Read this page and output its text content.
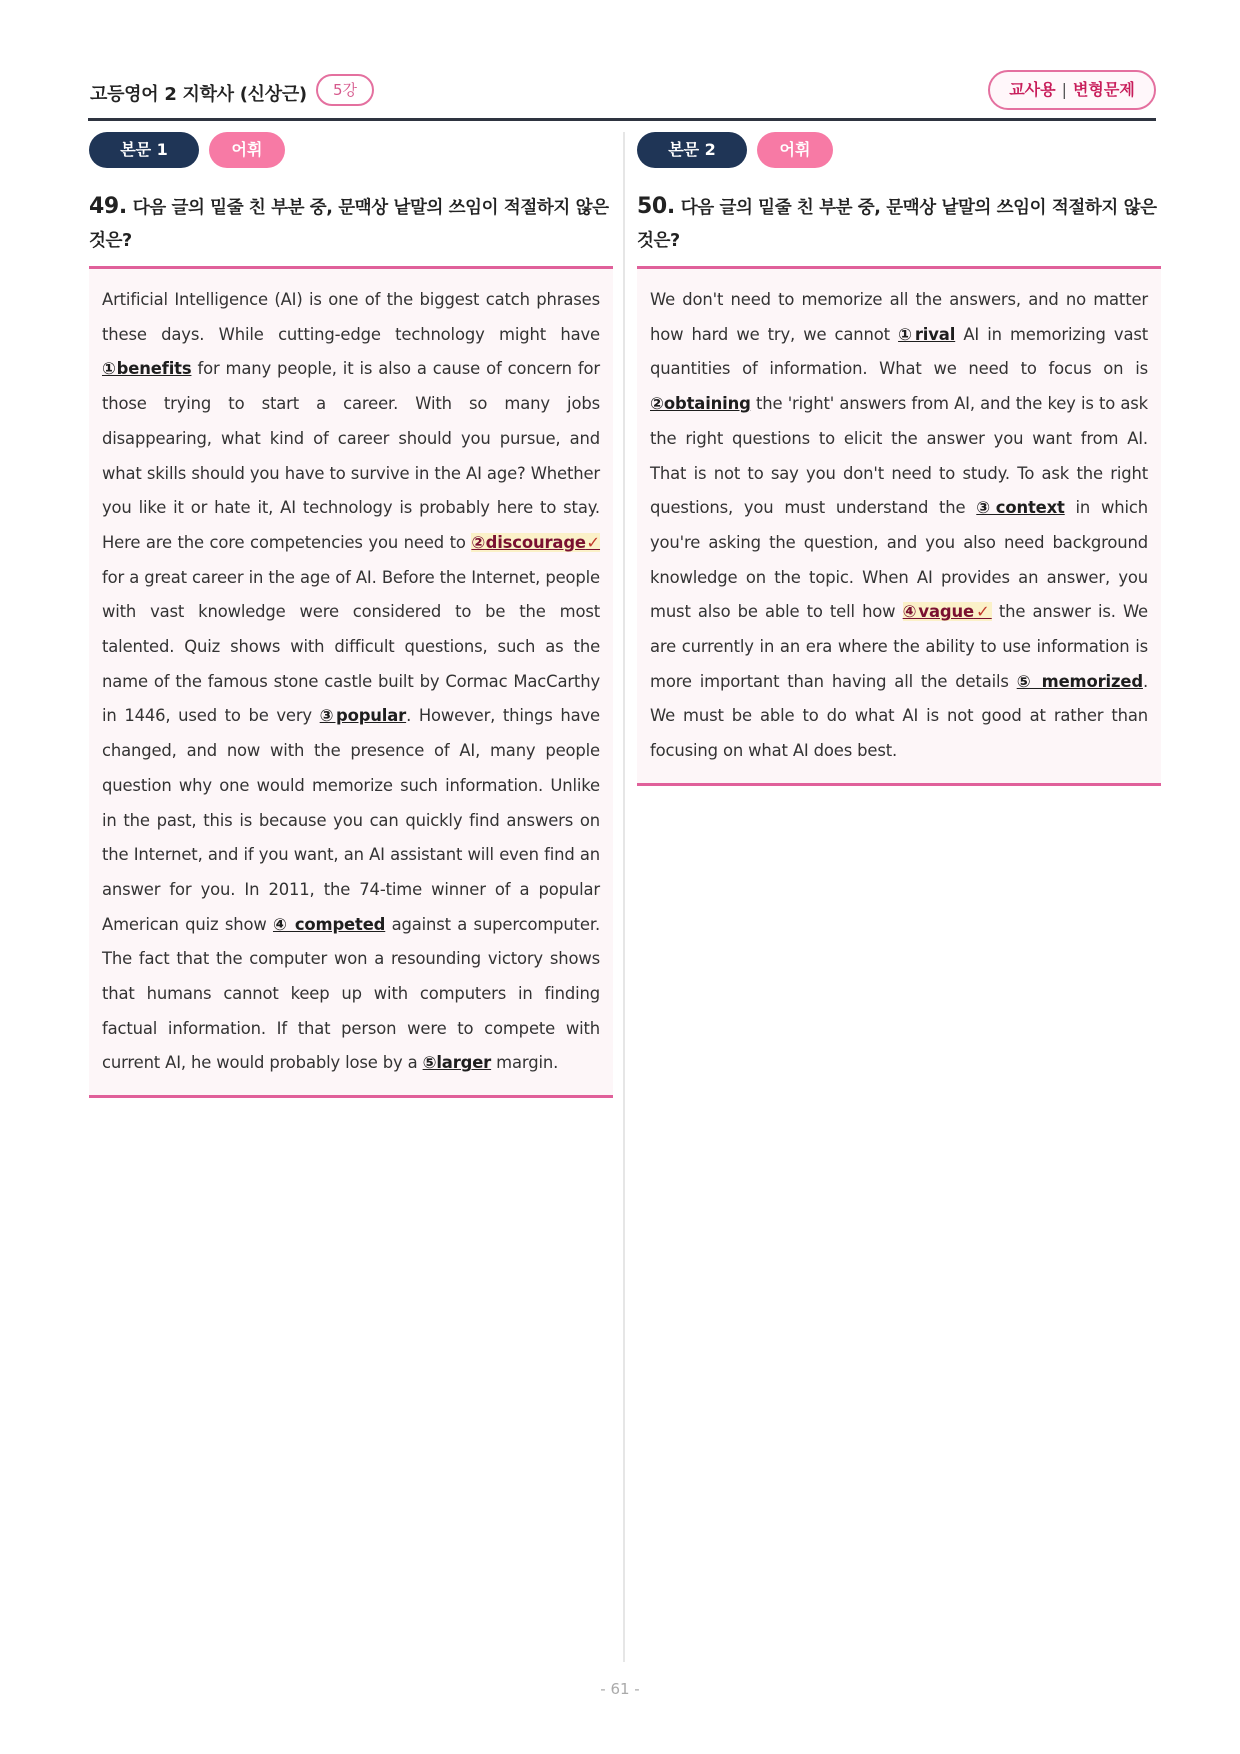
고등영어 2 지학사 (신상근)	5강	교사용 | 변형문제
본문 1	어휘
49. 다음 글의 밑줄 친 부분 중, 문맥상 낱말의 쓰임이 적절하지 않은 것은?
Artificial Intelligence (AI) is one of the biggest catch phrases these days. While cutting-edge technology might have ①benefits for many people, it is also a cause of concern for those trying to start a career. With so many jobs disappearing, what kind of career should you pursue, and what skills should you have to survive in the AI age? Whether you like it or hate it, AI technology is probably here to stay. Here are the core competencies you need to ②discourage✓ for a great career in the age of AI. Before the Internet, people with vast knowledge were considered to be the most talented. Quiz shows with difficult questions, such as the name of the famous stone castle built by Cormac MacCarthy in 1446, used to be very ③popular. However, things have changed, and now with the presence of AI, many people question why one would memorize such information. Unlike in the past, this is because you can quickly find answers on the Internet, and if you want, an AI assistant will even find an answer for you. In 2011, the 74-time winner of a popular American quiz show ④ competed against a supercomputer. The fact that the computer won a resounding victory shows that humans cannot keep up with computers in finding factual information. If that person were to compete with current AI, he would probably lose by a ⑤larger margin.
본문 2	어휘
50. 다음 글의 밑줄 친 부분 중, 문맥상 낱말의 쓰임이 적절하지 않은 것은?
We don't need to memorize all the answers, and no matter how hard we try, we cannot ①rival AI in memorizing vast quantities of information. What we need to focus on is ②obtaining the 'right' answers from AI, and the key is to ask the right questions to elicit the answer you want from AI. That is not to say you don't need to study. To ask the right questions, you must understand the ③context in which you're asking the question, and you also need background knowledge on the topic. When AI provides an answer, you must also be able to tell how ④vague✓ the answer is. We are currently in an era where the ability to use information is more important than having all the details ⑤ memorized. We must be able to do what AI is not good at rather than focusing on what AI does best.
- 61 -
